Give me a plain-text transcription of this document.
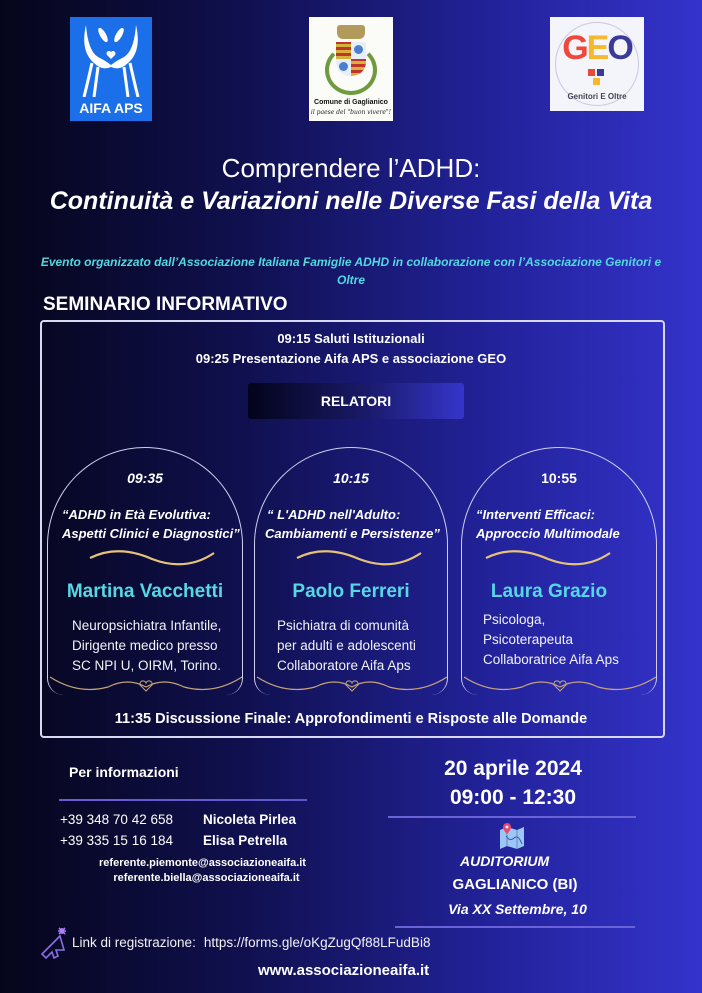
AIFA APS	Comune di Gaglianico
il paese del "buon vivere"!
GEO
Genitori E Oltre
Comprendere l’ADHD:
Continuità e Variazioni nelle Diverse Fasi della Vita
Evento organizzato dall’Associazione Italiana Famiglie ADHD in collaborazione con l’Associazione Genitori e Oltre
SEMINARIO INFORMATIVO
09:15 Saluti Istituzionali
09:25 Presentazione Aifa APS e associazione GEO
RELATORI
09:35
“ADHD in Età Evolutiva:
Aspetti Clinici e Diagnostici”
Martina Vacchetti
Neuropsichiatra Infantile,
Dirigente medico presso
SC NPI U, OIRM, Torino.
10:15
“ L'ADHD nell'Adulto:
Cambiamenti e Persistenze”
Paolo Ferreri
Psichiatra di comunità
per adulti e adolescenti
Collaboratore Aifa Aps
10:55
“Interventi Efficaci:
Approccio Multimodale
Laura Grazio
Psicologa,
Psicoterapeuta
Collaboratrice Aifa Aps
11:35 Discussione Finale: Approfondimenti e Risposte alle Domande
Per informazioni
+39 348 70 42 658 Nicoleta Pirlea
+39 335 15 16 184 Elisa Petrella
referente.piemonte@associazioneaifa.it
referente.biella@associazioneaifa.it
20 aprile 2024
09:00 - 12:30
AUDITORIUM
GAGLIANICO (BI)
Via XX Settembre, 10
Link di registrazione: https://forms.gle/oKgZugQf88LFudBi8
www.associazioneaifa.it
